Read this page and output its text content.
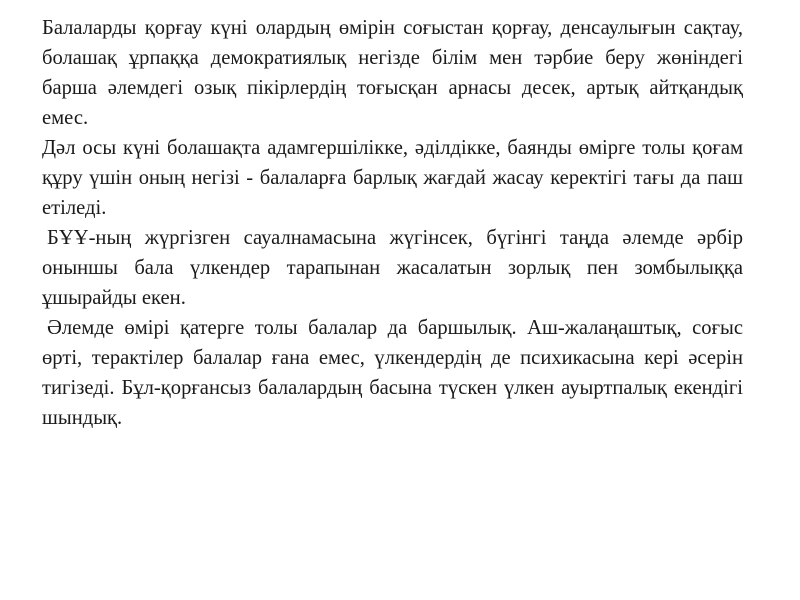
Балаларды қорғау күні олардың өмірін соғыстан қорғау, денсаулығын сақтау, болашақ ұрпаққа демократиялық негізде білім мен тәрбие беру жөніндегі барша әлемдегі озық пікірлердің тоғысқан арнасы десек, артық айтқандық емес.

Дәл осы күні болашақта адамгершілікке, әділдікке, баянды өмірге толы қоғам құру үшін оның негізі - балаларға барлық жағдай жасау керектігі тағы да паш етіледі.

БҰҰ-ның жүргізген сауалнамасына жүгінсек, бүгінгі таңда әлемде әрбір оныншы бала үлкендер тарапынан жасалатын зорлық пен зомбылыққа ұшырайды екен.

Әлемде өмірі қатерге толы балалар да баршылық. Аш-жалаңаштық, соғыс өрті, терактілер балалар ғана емес, үлкендердің де психикасына кері әсерін тигізеді. Бұл-қорғансыз балалардың басына түскен үлкен ауыртпалық екендігі шындық.
